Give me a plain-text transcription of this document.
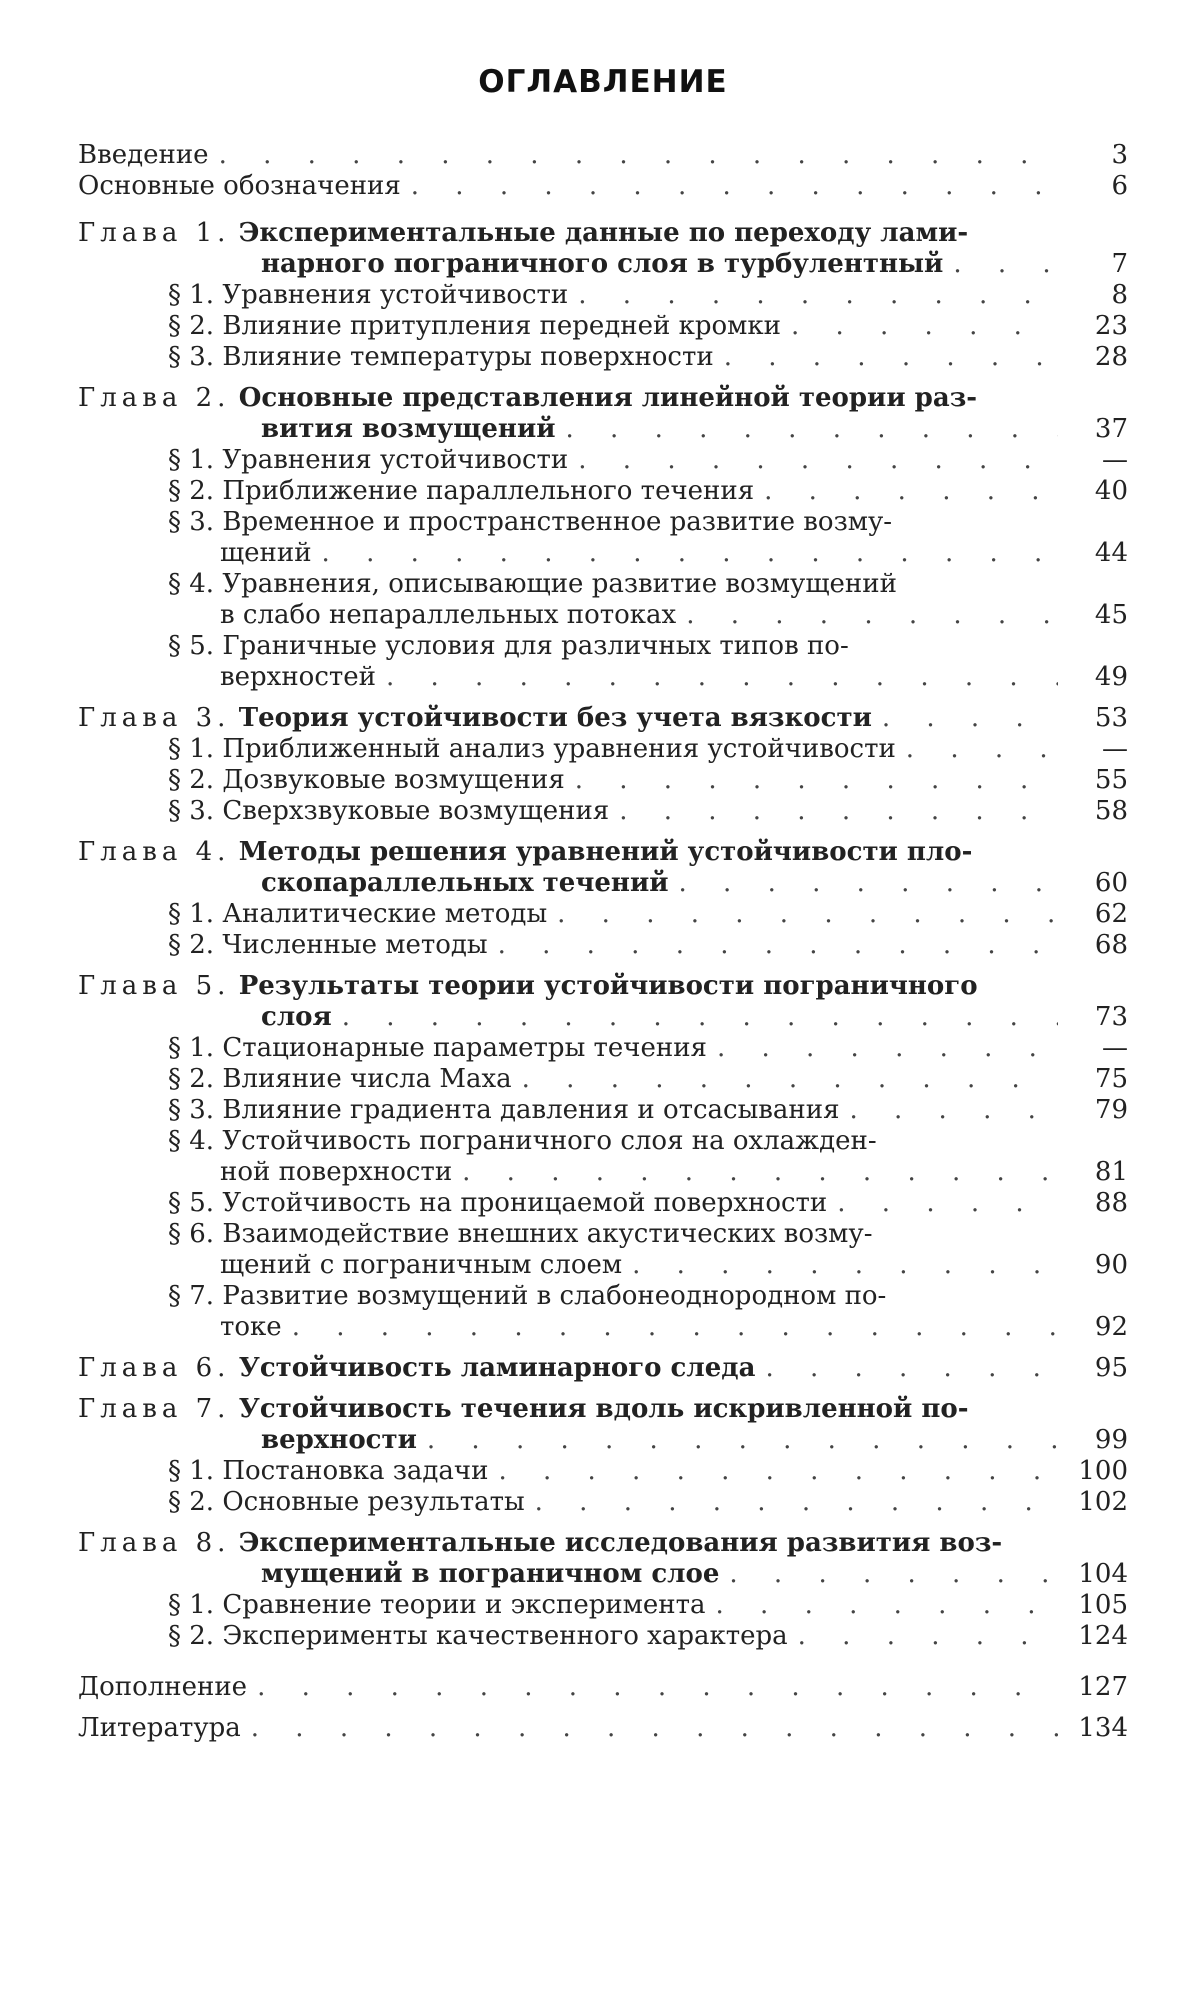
ОГЛАВЛЕНИЕ
Введение . . .	3
Основные обозначения . . .	6
Глава 1. Экспериментальные данные по переходу лами-
нарного пограничного слоя в турбулентный . . .	7
§ 1. Уравнения устойчивости . . .	8
§ 2. Влияние притупления передней кромки . . .	23
§ 3. Влияние температуры поверхности . . .	28
Глава 2. Основные представления линейной теории раз-
вития возмущений . . .	37
§ 1. Уравнения устойчивости . . .	—
§ 2. Приближение параллельного течения . . .	40
§ 3. Временное и пространственное развитие возму-
щений . . .	44
§ 4. Уравнения, описывающие развитие возмущений
в слабо непараллельных потоках . . .	45
§ 5. Граничные условия для различных типов по-
верхностей . . .	49
Глава 3. Теория устойчивости без учета вязкости . . .	53
§ 1. Приближенный анализ уравнения устойчивости . . .	—
§ 2. Дозвуковые возмущения . . .	55
§ 3. Сверхзвуковые возмущения . . .	58
Глава 4. Методы решения уравнений устойчивости пло-
скопараллельных течений . . .	60
§ 1. Аналитические методы . . .	62
§ 2. Численные методы . . .	68
Глава 5. Результаты теории устойчивости пограничного
слоя . . .	73
§ 1. Стационарные параметры течения . . .	—
§ 2. Влияние числа Маха . . .	75
§ 3. Влияние градиента давления и отсасывания . . .	79
§ 4. Устойчивость пограничного слоя на охлажден-
ной поверхности . . .	81
§ 5. Устойчивость на проницаемой поверхности . . .	88
§ 6. Взаимодействие внешних акустических возму-
щений с пограничным слоем . . .	90
§ 7. Развитие возмущений в слабонеоднородном по-
токе . . .	92
Глава 6. Устойчивость ламинарного следа . . .	95
Глава 7. Устойчивость течения вдоль искривленной по-
верхности . . .	99
§ 1. Постановка задачи . . .	100
§ 2. Основные результаты . . .	102
Глава 8. Экспериментальные исследования развития воз-
мущений в пограничном слое . . .	104
§ 1. Сравнение теории и эксперимента . . .	105
§ 2. Эксперименты качественного характера . . .	124
Дополнение . . .	127
Литература . . .	134
